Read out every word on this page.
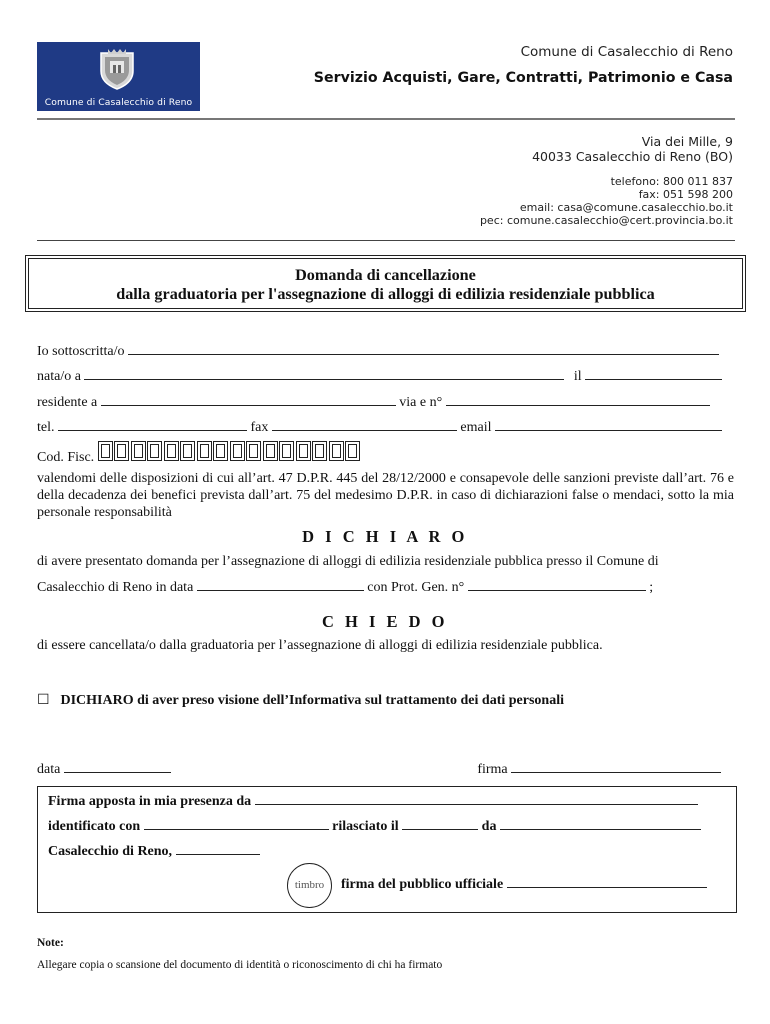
Comune di Casalecchio di Reno
Comune di Casalecchio di Reno
Servizio Acquisti, Gare, Contratti, Patrimonio e Casa
Via dei Mille, 9
40033 Casalecchio di Reno (BO)
telefono: 800 011 837
fax: 051 598 200
email: casa@comune.casalecchio.bo.it
pec: comune.casalecchio@cert.provincia.bo.it
Domanda di cancellazione
dalla graduatoria per l'assegnazione di alloggi di edilizia residenziale pubblica
Io sottoscritta/o
nata/o a	il
residente a	via e n°
tel.	fax	email
Cod. Fisc.
valendomi delle disposizioni di cui all’art. 47 D.P.R. 445 del 28/12/2000 e consapevole delle sanzioni previste dall’art. 76 e della decadenza dei benefici prevista dall’art. 75 del medesimo D.P.R. in caso di dichiarazioni false o mendaci, sotto la mia personale responsabilità
D I C H I A R O
di avere presentato domanda per l’assegnazione di alloggi di edilizia residenziale pubblica presso il Comune di
Casalecchio di Reno in data	con Prot. Gen. n°	;
C H I E D O
di essere cancellata/o dalla graduatoria per l’assegnazione di alloggi di edilizia residenziale pubblica.
☐ DICHIARO di aver preso visione dell’Informativa sul trattamento dei dati personali
data	firma
Firma apposta in mia presenza da
identificato con	rilasciato il	da
Casalecchio di Reno,
timbro	firma del pubblico ufficiale
Note:
Allegare copia o scansione del documento di identità o riconoscimento di chi ha firmato
